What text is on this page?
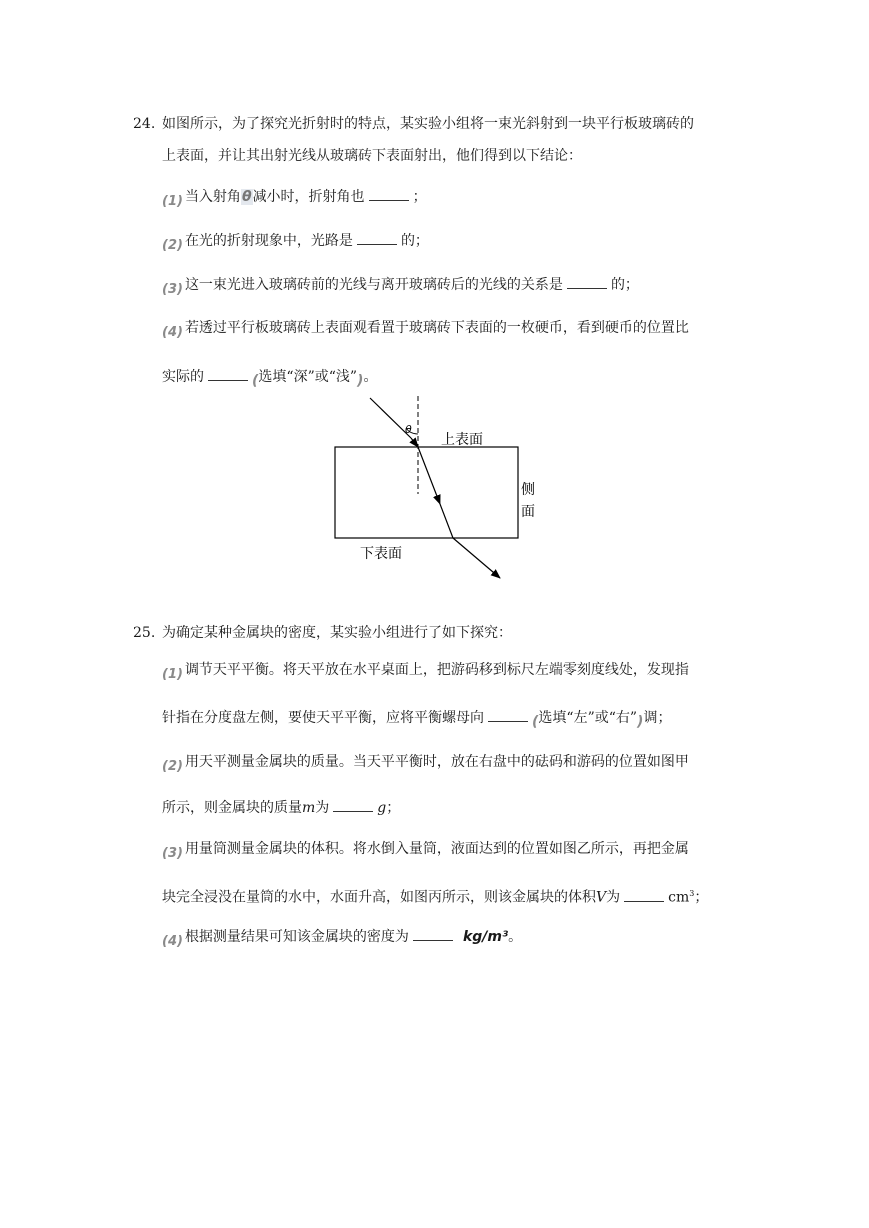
24. 如图所示，为了探究光折射时的特点，某实验小组将一束光斜射到一块平行板玻璃砖的
上表面，并让其出射光线从玻璃砖下表面射出，他们得到以下结论：
(1) 当入射角θ减小时，折射角也	；
(2) 在光的折射现象中，光路是	的；
(3) 这一束光进入玻璃砖前的光线与离开玻璃砖后的光线的关系是	的；
(4) 若透过平行板玻璃砖上表面观看置于玻璃砖下表面的一枚硬币，看到硬币的位置比
实际的	(选填“深”或“浅”)。
θ
上表面
侧
面
下表面
25. 为确定某种金属块的密度，某实验小组进行了如下探究：
(1) 调节天平平衡。将天平放在水平桌面上，把游码移到标尺左端零刻度线处，发现指
针指在分度盘左侧，要使天平平衡，应将平衡螺母向	(选填“左”或“右”)调；
(2) 用天平测量金属块的质量。当天平平衡时，放在右盘中的砝码和游码的位置如图甲
所示，则金属块的质量m为	g；
(3) 用量筒测量金属块的体积。将水倒入量筒，液面达到的位置如图乙所示，再把金属
块完全浸没在量筒的水中，水面升高，如图丙所示，则该金属块的体积V为	$cm^3$；
(4) 根据测量结果可知该金属块的密度为	kg/m³。
